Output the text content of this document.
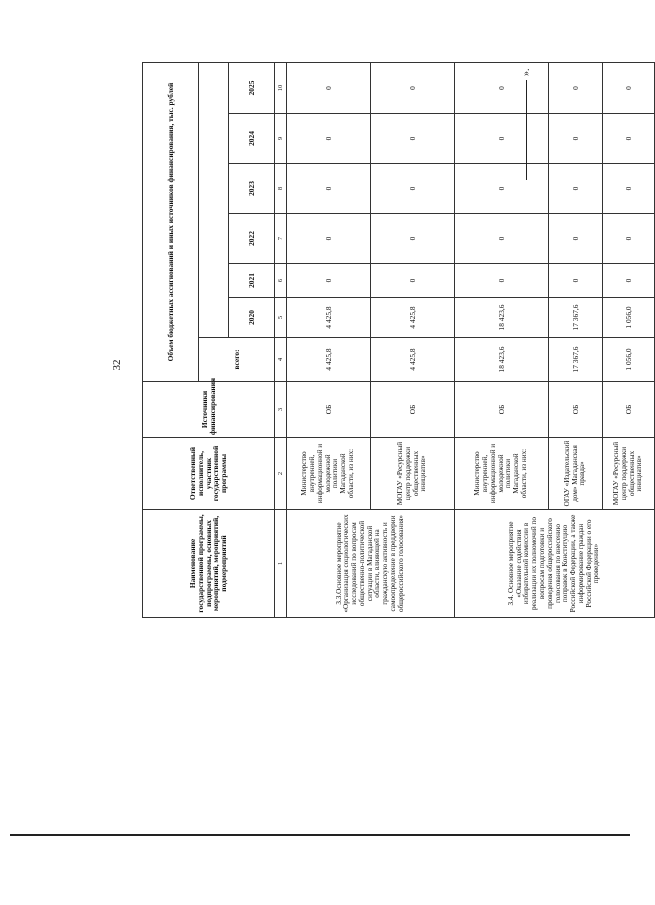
32
Наименование государственной программы, подпрограммы, основных мероприятий, мероприятий, подмероприятий	Ответственный исполнитель, участник государственной программы	Источники финансирования	Объем бюджетных ассигнований и иных источников финансирования, тыс. рублей						
			всего:						
				2020	2021	2022	2023	2024	2025
1	2	3	4	5	6	7	8	9	10
3.3.Основное мероприятие «Организация социологических исследований по вопросам общественно-политической ситуации в Магаданской области, влияющей на гражданскую активность и самоопределение в преддверии общероссийского голосования»	Министерство внутренней, информационной и молодежной политики Магаданской области, из них:	ОБ	4 425,8	4 425,8	0	0	0	0	0
	МОГАУ «Ресурсный центр поддержки общественных инициатив»	ОБ	4 425,8	4 425,8	0	0	0	0	0
3.4. Основное мероприятие «Оказание содействия избирательной комиссии в реализации их полномочий по вопросам подготовки и проведения общероссийского голосования по внесению поправок в Конституцию Российской Федерации, а также информирование граждан Российской Федерации о его проведении»	Министерство внутренней, информационной и молодежной политики Магаданской области, из них:	ОБ	18 423,6	18 423,6	0	0	0	0	0
	ОГАУ «Издательский дом» Магаданская правда»	ОБ	17 367,6	17 367,6	0	0	0	0	0
	МОГАУ «Ресурсный центр поддержки общественных инициатив»	ОБ	1 056,0	1 056,0	0	0	0	0	0
».
